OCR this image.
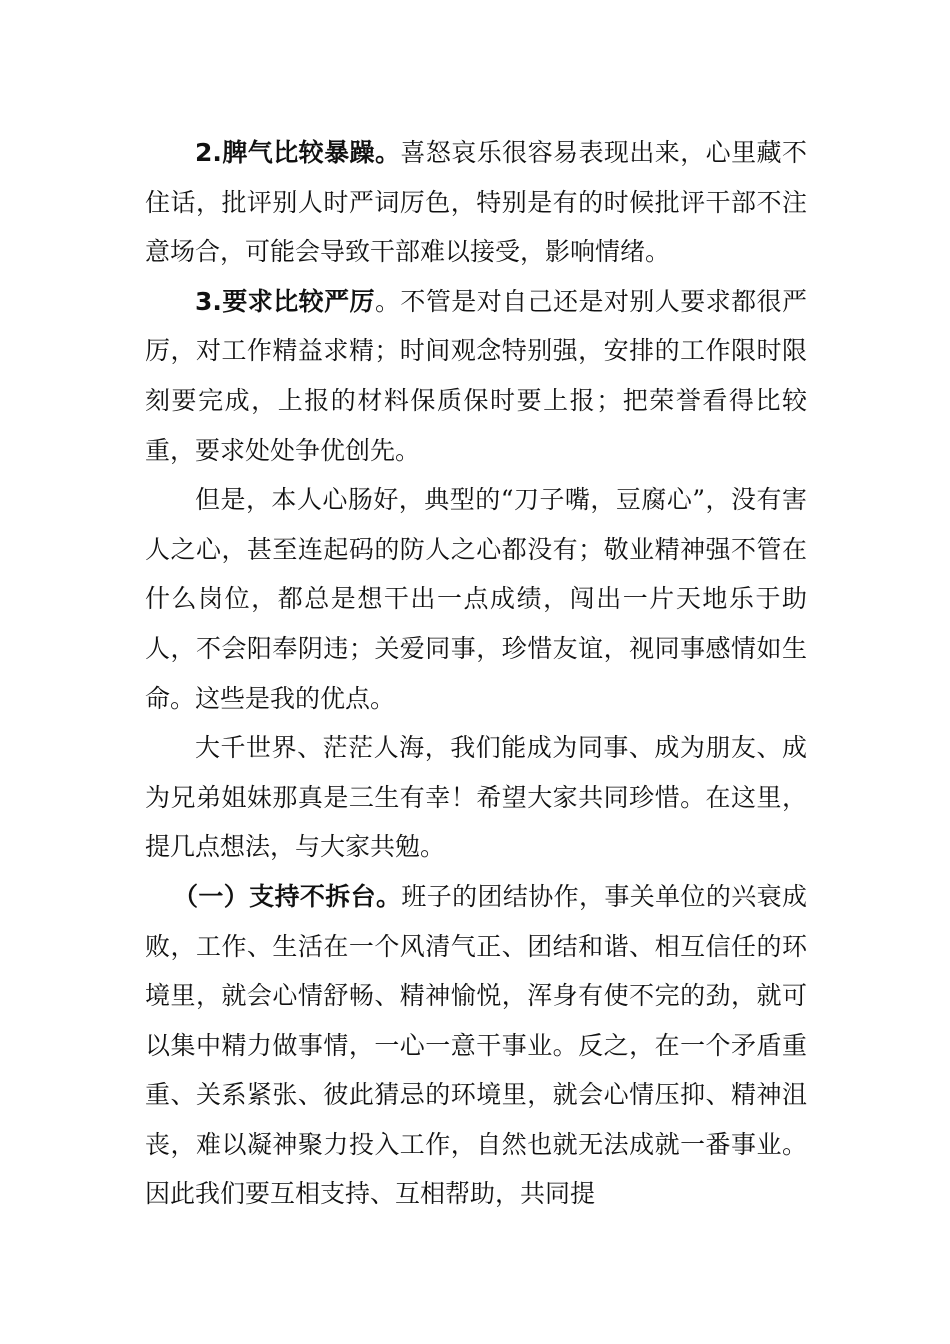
2.脾气比较暴躁。喜怒哀乐很容易表现出来，心里藏不住话，批评别人时严词厉色，特别是有的时候批评干部不注意场合，可能会导致干部难以接受，影响情绪。

3.要求比较严厉。不管是对自己还是对别人要求都很严厉，对工作精益求精；时间观念特别强，安排的工作限时限刻要完成，上报的材料保质保时要上报；把荣誉看得比较重，要求处处争优创先。

但是，本人心肠好，典型的“刀子嘴，豆腐心”，没有害人之心，甚至连起码的防人之心都没有；敬业精神强不管在什么岗位，都总是想干出一点成绩，闯出一片天地乐于助人，不会阳奉阴违；关爱同事，珍惜友谊，视同事感情如生命。这些是我的优点。

大千世界、茫茫人海，我们能成为同事、成为朋友、成为兄弟姐妹那真是三生有幸！希望大家共同珍惜。在这里，提几点想法，与大家共勉。

（一）支持不拆台。班子的团结协作，事关单位的兴衰成败，工作、生活在一个风清气正、团结和谐、相互信任的环境里，就会心情舒畅、精神愉悦，浑身有使不完的劲，就可以集中精力做事情，一心一意干事业。反之，在一个矛盾重重、关系紧张、彼此猜忌的环境里，就会心情压抑、精神沮丧，难以凝神聚力投入工作，自然也就无法成就一番事业。因此我们要互相支持、互相帮助，共同提
